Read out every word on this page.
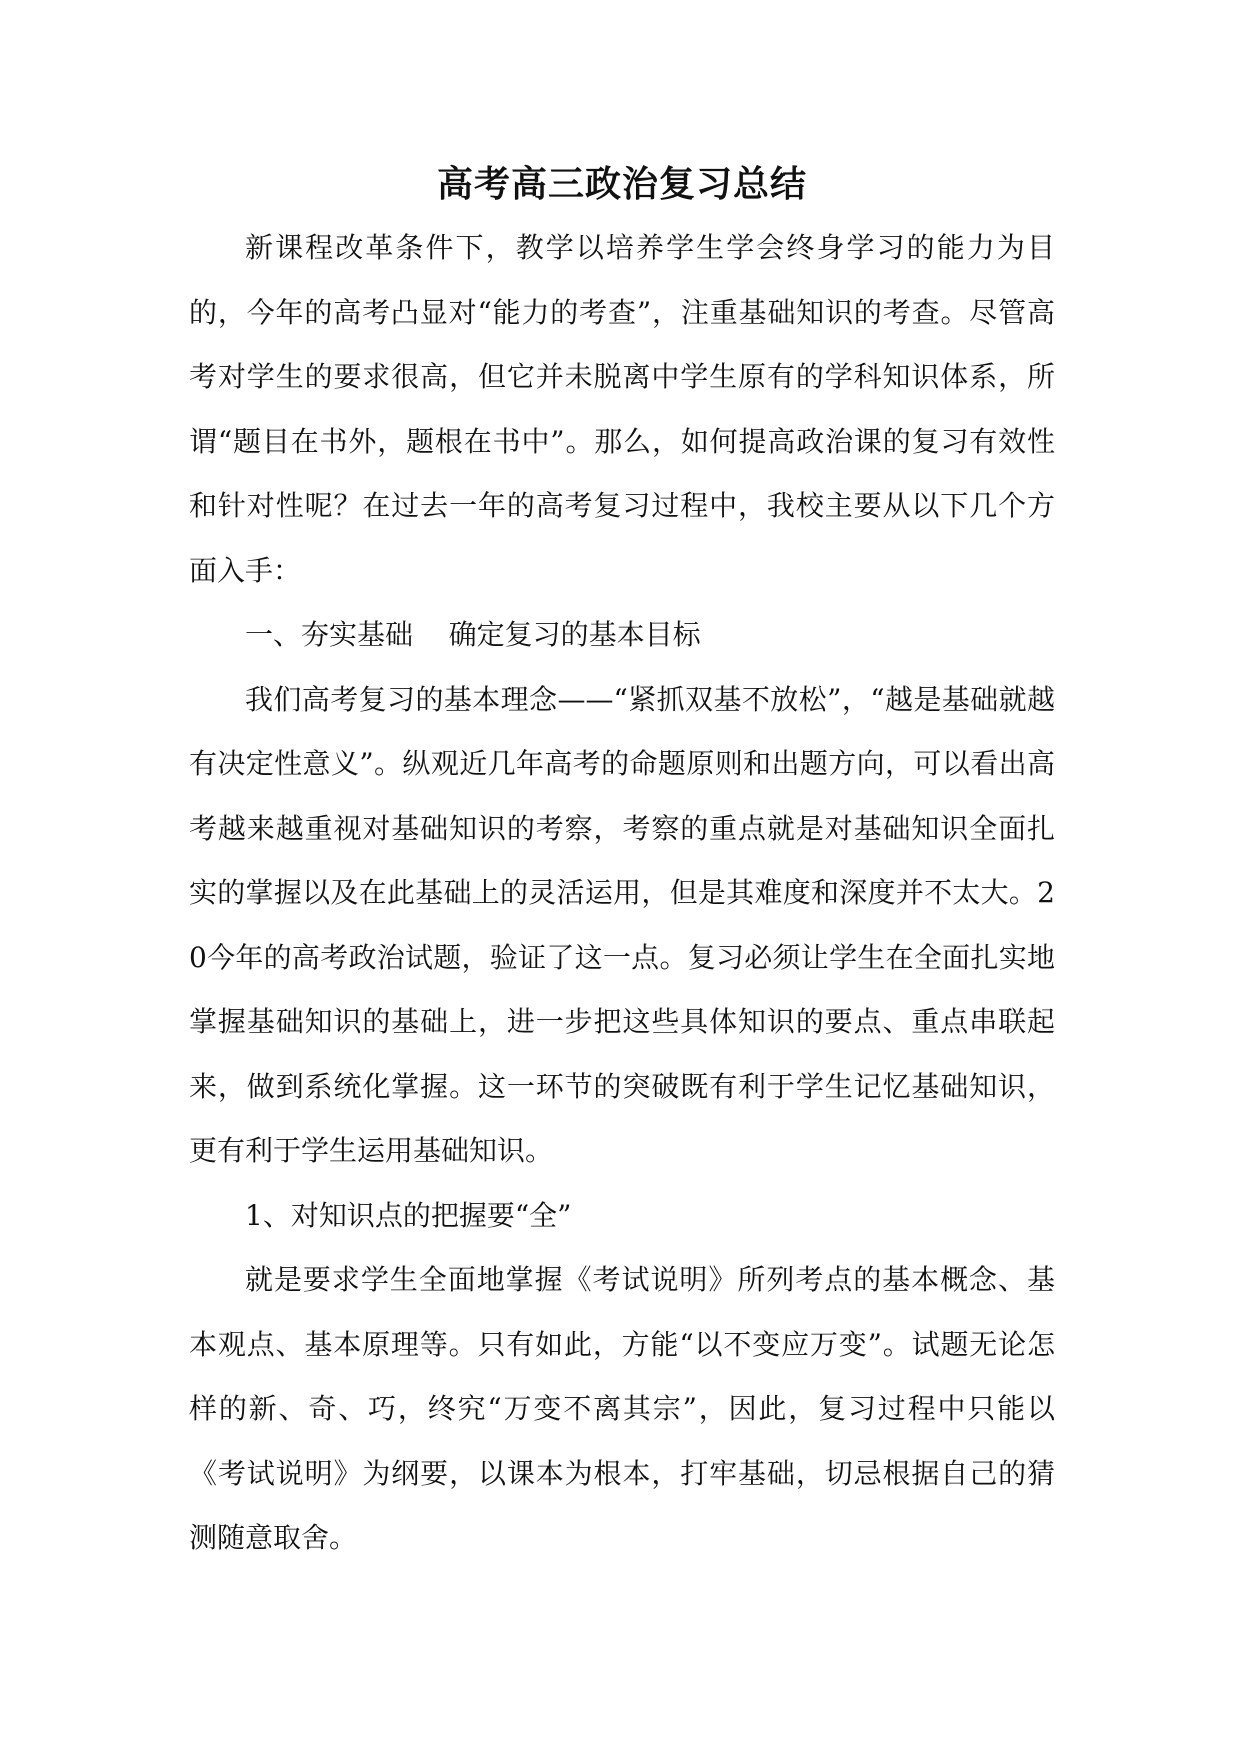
高考高三政治复习总结

新课程改革条件下，教学以培养学生学会终身学习的能力为目的，今年的高考凸显对“能力的考查”，注重基础知识的考查。尽管高考对学生的要求很高，但它并未脱离中学生原有的学科知识体系，所谓“题目在书外，题根在书中”。那么，如何提高政治课的复习有效性和针对性呢？在过去一年的高考复习过程中，我校主要从以下几个方面入手：

一、夯实基础    确定复习的基本目标

我们高考复习的基本理念——“紧抓双基不放松”，“越是基础就越有决定性意义”。纵观近几年高考的命题原则和出题方向，可以看出高考越来越重视对基础知识的考察，考察的重点就是对基础知识全面扎实的掌握以及在此基础上的灵活运用，但是其难度和深度并不太大。20今年的高考政治试题，验证了这一点。复习必须让学生在全面扎实地掌握基础知识的基础上，进一步把这些具体知识的要点、重点串联起来，做到系统化掌握。这一环节的突破既有利于学生记忆基础知识，更有利于学生运用基础知识。

1、对知识点的把握要“全”

就是要求学生全面地掌握《考试说明》所列考点的基本概念、基本观点、基本原理等。只有如此，方能“以不变应万变”。试题无论怎样的新、奇、巧，终究“万变不离其宗”，因此，复习过程中只能以《考试说明》为纲要，以课本为根本，打牢基础，切忌根据自己的猜测随意取舍。
